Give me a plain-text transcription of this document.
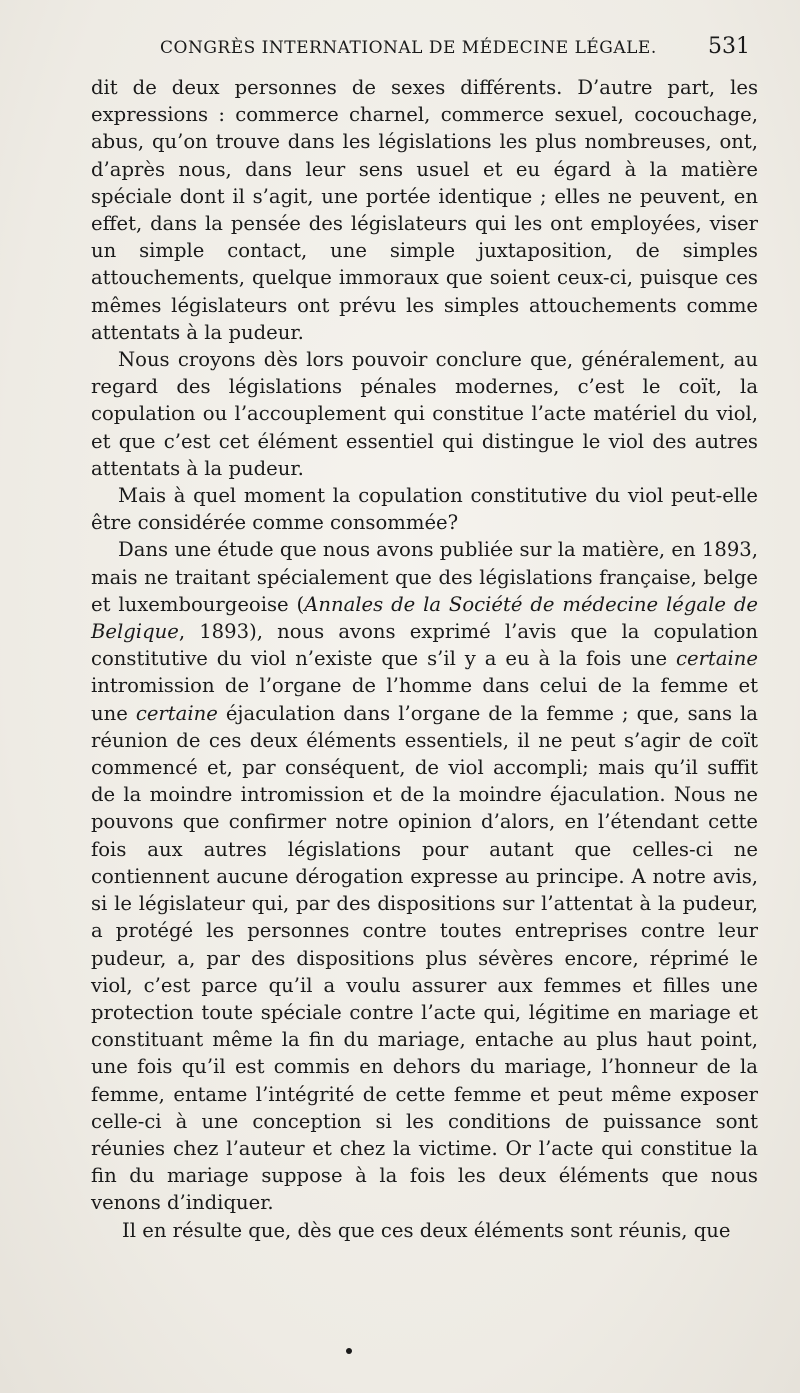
CONGRÈS INTERNATIONAL DE MÉDECINE LÉGALE. 531

dit de deux personnes de sexes différents. D’autre part, les expressions : commerce charnel, commerce sexuel, cocouchage, abus, qu’on trouve dans les législations les plus nombreuses, ont, d’après nous, dans leur sens usuel et eu égard à la matière spéciale dont il s’agit, une portée identique ; elles ne peuvent, en effet, dans la pensée des législateurs qui les ont employées, viser un simple contact, une simple juxtaposition, de simples attouchements, quelque immoraux que soient ceux-ci, puisque ces mêmes législateurs ont prévu les simples attouchements comme attentats à la pudeur.

Nous croyons dès lors pouvoir conclure que, généralement, au regard des législations pénales modernes, c’est le coït, la copulation ou l’accouplement qui constitue l’acte matériel du viol, et que c’est cet élément essentiel qui distingue le viol des autres attentats à la pudeur.

Mais à quel moment la copulation constitutive du viol peut-elle être considérée comme consommée?

Dans une étude que nous avons publiée sur la matière, en 1893, mais ne traitant spécialement que des législations française, belge et luxembourgeoise (Annales de la Société de médecine légale de Belgique, 1893), nous avons exprimé l’avis que la copulation constitutive du viol n’existe que s’il y a eu à la fois une certaine intromission de l’organe de l’homme dans celui de la femme et une certaine éjaculation dans l’organe de la femme ; que, sans la réunion de ces deux éléments essentiels, il ne peut s’agir de coït commencé et, par conséquent, de viol accompli; mais qu’il suffit de la moindre intromission et de la moindre éjaculation. Nous ne pouvons que confirmer notre opinion d’alors, en l’étendant cette fois aux autres législations pour autant que celles-ci ne contiennent aucune dérogation expresse au principe. A notre avis, si le législateur qui, par des dispositions sur l’attentat à la pudeur, a protégé les personnes contre toutes entreprises contre leur pudeur, a, par des dispositions plus sévères encore, réprimé le viol, c’est parce qu’il a voulu assurer aux femmes et filles une protection toute spéciale contre l’acte qui, légitime en mariage et constituant même la fin du mariage, entache au plus haut point, une fois qu’il est commis en dehors du mariage, l’honneur de la femme, entame l’intégrité de cette femme et peut même exposer celle-ci à une conception si les conditions de puissance sont réunies chez l’auteur et chez la victime. Or l’acte qui constitue la fin du mariage suppose à la fois les deux éléments que nous venons d’indiquer.

Il en résulte que, dès que ces deux éléments sont réunis, que
